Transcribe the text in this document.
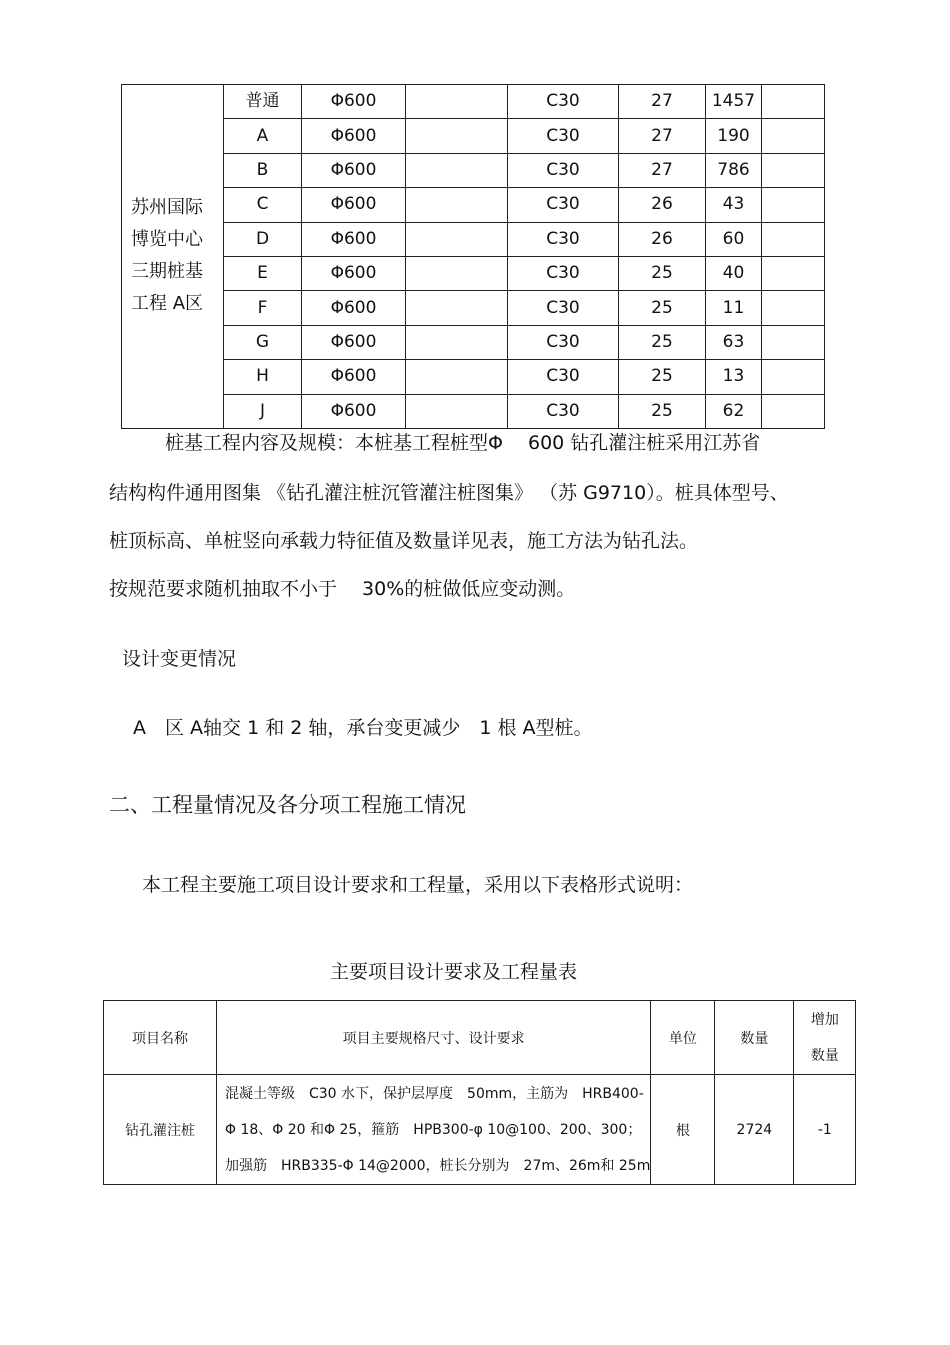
苏州国际
博览中心
三期桩基
工程 A区	普通	Φ600		C30	27	1457	
	A	Φ600		C30	27	190	
	B	Φ600		C30	27	786	
	C	Φ600		C30	26	43	
	D	Φ600		C30	26	60	
	E	Φ600		C30	25	40	
	F	Φ600		C30	25	11	
	G	Φ600		C30	25	63	
	H	Φ600		C30	25	13	
	J	Φ600		C30	25	62	
桩基工程内容及规模：本桩基工程桩型Φ　 600 钻孔灌注桩采用江苏省
结构构件通用图集 《钻孔灌注桩沉管灌注桩图集》 （苏 G9710）。桩具体型号、
桩顶标高、单桩竖向承载力特征值及数量详见表，施工方法为钻孔法。
按规范要求随机抽取不小于　 30%的桩做低应变动测。
设计变更情况
A　区 A轴交 1 和 2 轴，承台变更减少　1 根 A型桩。
二、工程量情况及各分项工程施工情况
本工程主要施工项目设计要求和工程量，采用以下表格形式说明：
主要项目设计要求及工程量表
项目名称	项目主要规格尺寸、设计要求	单位	数量	增加
数量

钻孔灌注桩	混凝土等级　C30 水下，保护层厚度　50mm，主筋为　HRB400-
Φ 18、Φ 20 和Φ 25，箍筋　HPB300-φ 10@100、200、300；
加强筋　HRB335-Φ 14@2000，桩长分别为　27m、26m和 25m	根	2724	-1
